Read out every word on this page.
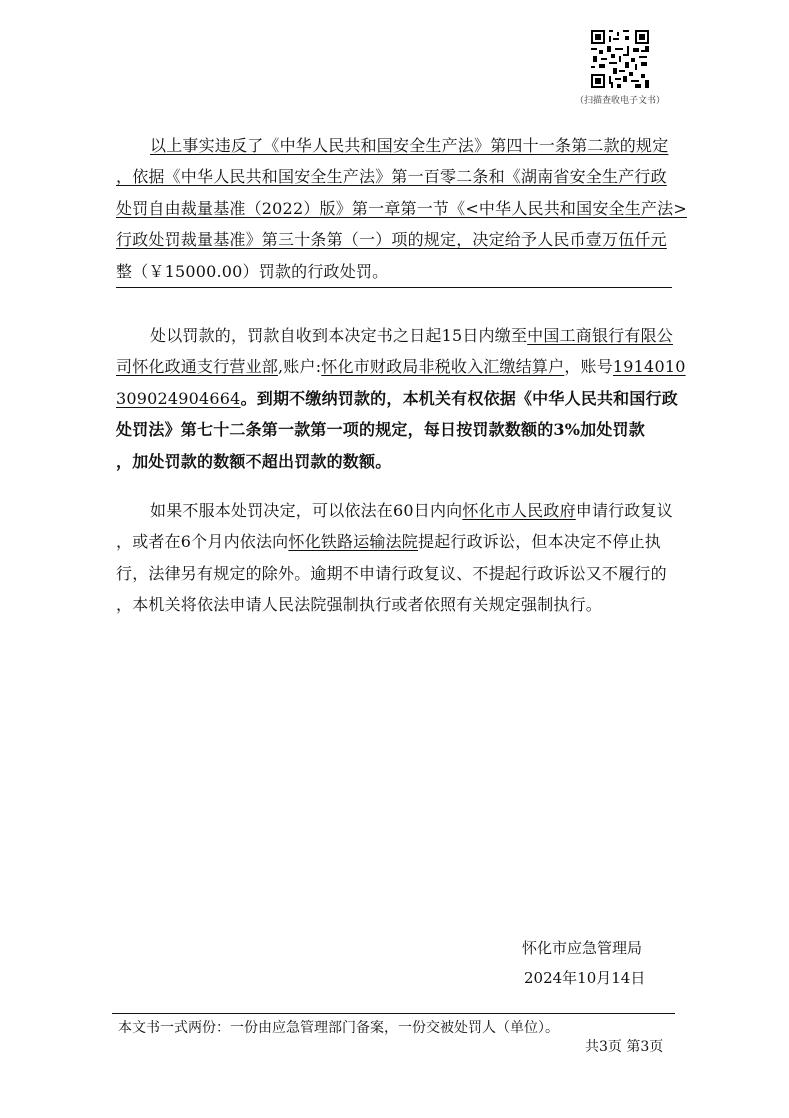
（扫描查收电子文书）
以上事实违反了《中华人民共和国安全生产法》第四十一条第二款的规定
，依据《中华人民共和国安全生产法》第一百零二条和《湖南省安全生产行政
处罚自由裁量基准（2022）版》第一章第一节《<中华人民共和国安全生产法>
行政处罚裁量基准》第三十条第（一）项的规定，决定给予人民币壹万伍仟元
整（￥15000.00）罚款的行政处罚。
处以罚款的，罚款自收到本决定书之日起15日内缴至中国工商银行有限公
司怀化政通支行营业部,账户:怀化市财政局非税收入汇缴结算户，账号1914010
309024904664。到期不缴纳罚款的，本机关有权依据《中华人民共和国行政
处罚法》第七十二条第一款第一项的规定，每日按罚款数额的3%加处罚款
，加处罚款的数额不超出罚款的数额。
如果不服本处罚决定，可以依法在60日内向怀化市人民政府申请行政复议
，或者在6个月内依法向怀化铁路运输法院提起行政诉讼，但本决定不停止执
行，法律另有规定的除外。逾期不申请行政复议、不提起行政诉讼又不履行的
，本机关将依法申请人民法院强制执行或者依照有关规定强制执行。
怀化市应急管理局
2024年10月14日
本文书一式两份：一份由应急管理部门备案，一份交被处罚人（单位）。
共3页 第3页
